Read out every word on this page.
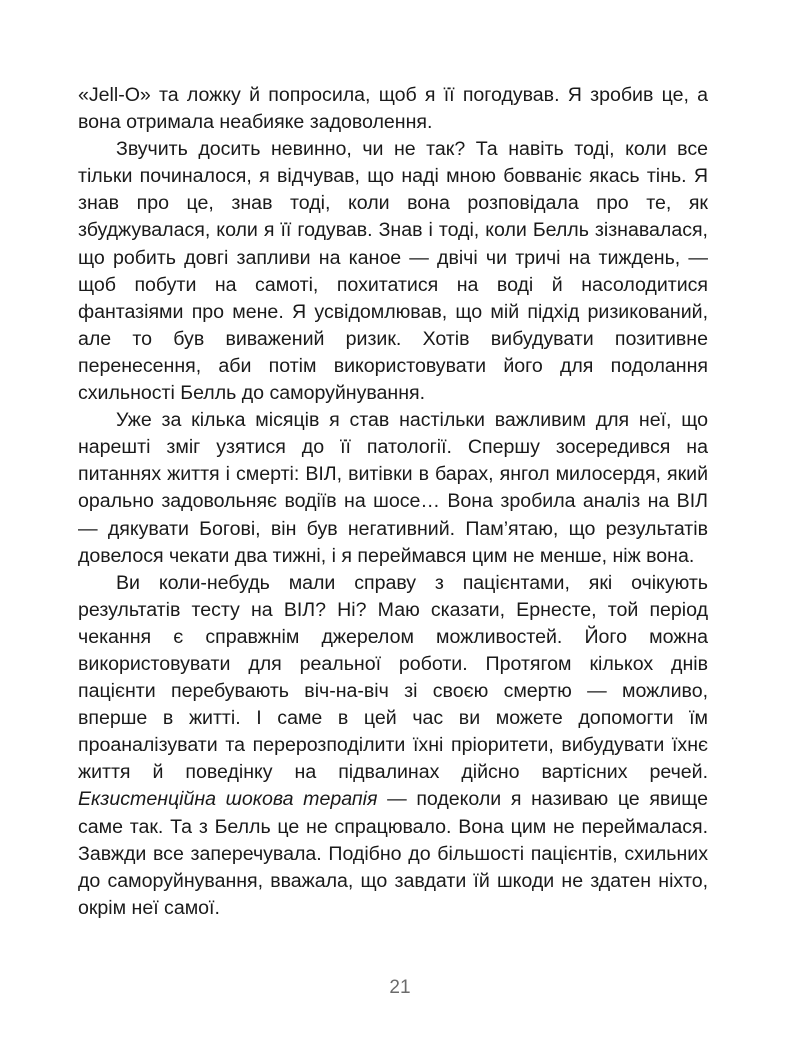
«Jell-O» та ложку й попросила, щоб я її погодував. Я зробив це, а вона отримала неабияке задоволення.

Звучить досить невинно, чи не так? Та навіть тоді, коли все тільки починалося, я відчував, що наді мною бовваніє якась тінь. Я знав про це, знав тоді, коли вона розповідала про те, як збуджувалася, коли я її годував. Знав і тоді, коли Белль зізнавалася, що робить довгі запливи на каное — двічі чи тричі на тиждень, — щоб побути на самоті, похитатися на воді й насолодитися фантазіями про мене. Я усвідомлював, що мій підхід ризикований, але то був виважений ризик. Хотів вибудувати позитивне перенесення, аби потім використовувати його для подолання схильності Белль до саморуйнування.

Уже за кілька місяців я став настільки важливим для неї, що нарешті зміг узятися до її патології. Спершу зосередився на питаннях життя і смерті: ВІЛ, витівки в барах, янгол милосердя, який орально задовольняє водіїв на шосе… Вона зробила аналіз на ВІЛ — дякувати Богові, він був негативний. Пам’ятаю, що результатів довелося чекати два тижні, і я переймався цим не менше, ніж вона.

Ви коли-небудь мали справу з пацієнтами, які очікують результатів тесту на ВІЛ? Ні? Маю сказати, Ернесте, той період чекання є справжнім джерелом можливостей. Його можна використовувати для реальної роботи. Протягом кількох днів пацієнти перебувають віч-на-віч зі своєю смертю — можливо, вперше в житті. І саме в цей час ви можете допомогти їм проаналізувати та перерозподілити їхні пріоритети, вибудувати їхнє життя й поведінку на підвалинах дійсно вартісних речей. Екзистенційна шокова терапія — подеколи я називаю це явище саме так. Та з Белль це не спрацювало. Вона цим не переймалася. Завжди все заперечувала. Подібно до більшості пацієнтів, схильних до саморуйнування, вважала, що завдати їй шкоди не здатен ніхто, окрім неї самої.

21
